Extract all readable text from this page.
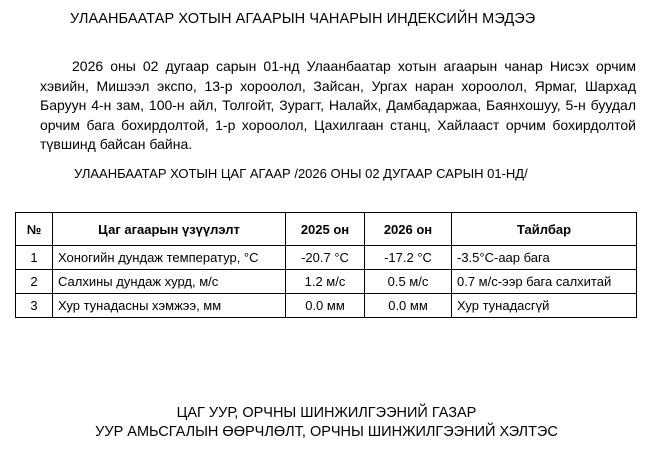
УЛААНБААТАР ХОТЫН АГААРЫН ЧАНАРЫН ИНДЕКСИЙН МЭДЭЭ

2026 оны 02 дугаар сарын 01-нд Улаанбаатар хотын агаарын чанар Нисэх орчим хэвийн, Мишээл экспо, 13-р хороолол, Зайсан, Ургах наран хороолол, Ярмаг, Шархад Баруун 4-н зам, 100-н айл, Толгойт, Зурагт, Налайх, Дамбадаржаа, Баянхошуу, 5-н буудал орчим бага бохирдолтой, 1-р хороолол, Цахилгаан станц, Хайлааст орчим бохирдолтой түвшинд байсан байна.

УЛААНБААТАР ХОТЫН ЦАГ АГААР /2026 ОНЫ 02 ДУГААР САРЫН 01-НД/
№	Цаг агаарын үзүүлэлт	2025 он	2026 он	Тайлбар
1	Хоногийн дундаж температур, °C	-20.7 °C	-17.2 °C	-3.5°C-аар бага
2	Салхины дундаж хурд, м/с	1.2 м/с	0.5 м/с	0.7 м/с-ээр бага салхитай
3	Хур тунадасны хэмжээ, мм	0.0 мм	0.0 мм	Хур тунадасгүй
ЦАГ УУР, ОРЧНЫ ШИНЖИЛГЭЭНИЙ ГАЗАР
УУР АМЬСГАЛЫН ӨӨРЧЛӨЛТ, ОРЧНЫ ШИНЖИЛГЭЭНИЙ ХЭЛТЭС
